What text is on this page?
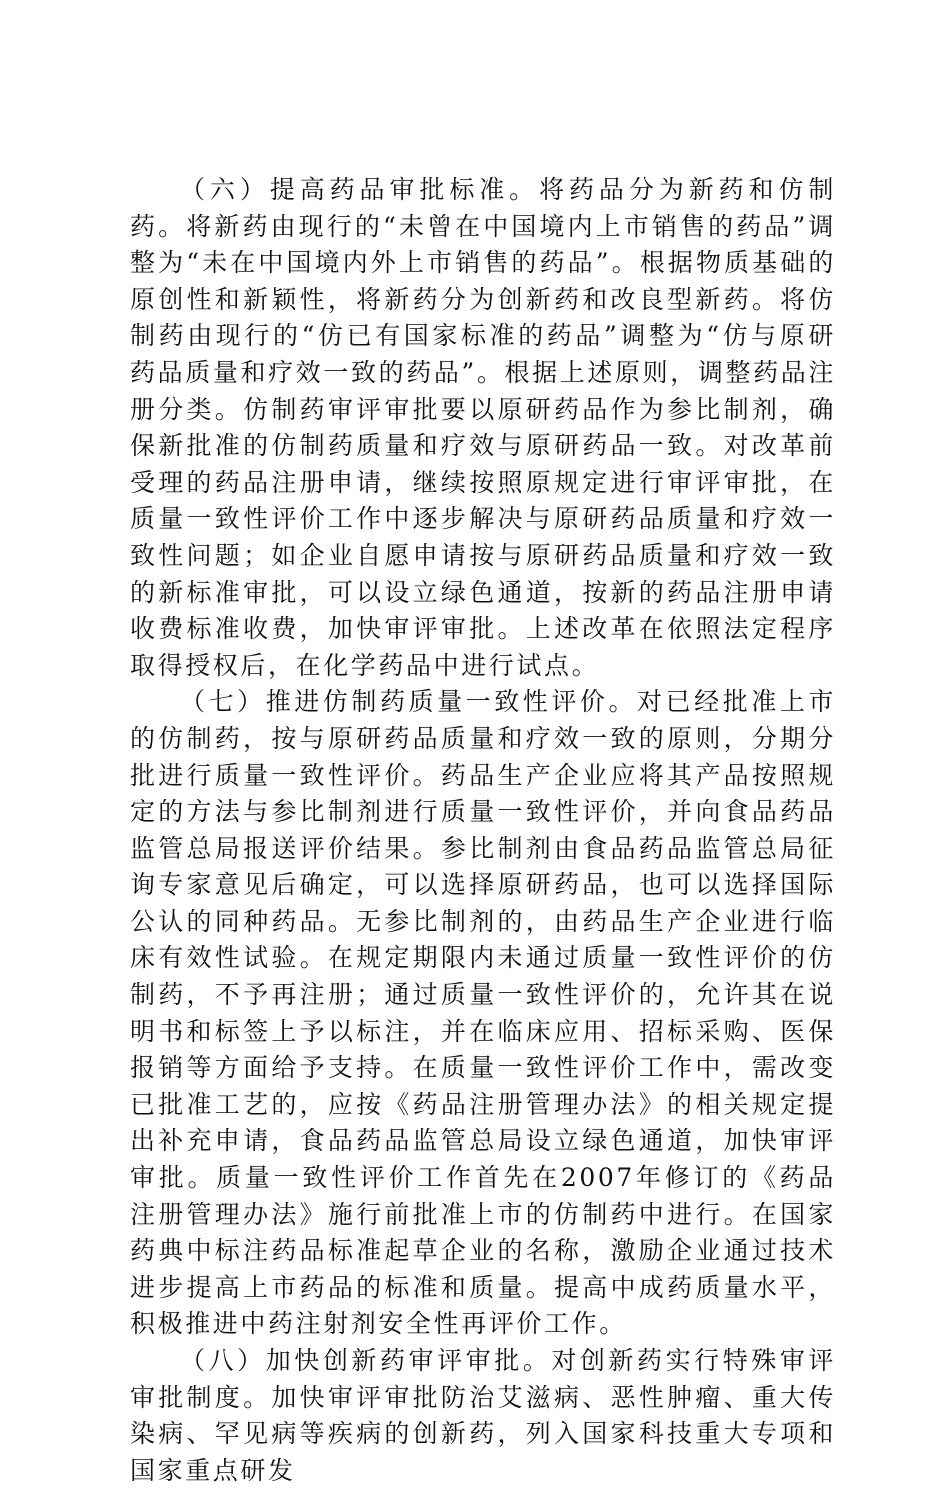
（六）提高药品审批标准。将药品分为新药和仿制药。将新药由现行的“未曾在中国境内上市销售的药品”调整为“未在中国境内外上市销售的药品”。根据物质基础的原创性和新颖性，将新药分为创新药和改良型新药。将仿制药由现行的“仿已有国家标准的药品”调整为“仿与原研药品质量和疗效一致的药品”。根据上述原则，调整药品注册分类。仿制药审评审批要以原研药品作为参比制剂，确保新批准的仿制药质量和疗效与原研药品一致。对改革前受理的药品注册申请，继续按照原规定进行审评审批，在质量一致性评价工作中逐步解决与原研药品质量和疗效一致性问题；如企业自愿申请按与原研药品质量和疗效一致的新标准审批，可以设立绿色通道，按新的药品注册申请收费标准收费，加快审评审批。上述改革在依照法定程序取得授权后，在化学药品中进行试点。

（七）推进仿制药质量一致性评价。对已经批准上市的仿制药，按与原研药品质量和疗效一致的原则，分期分批进行质量一致性评价。药品生产企业应将其产品按照规定的方法与参比制剂进行质量一致性评价，并向食品药品监管总局报送评价结果。参比制剂由食品药品监管总局征询专家意见后确定，可以选择原研药品，也可以选择国际公认的同种药品。无参比制剂的，由药品生产企业进行临床有效性试验。在规定期限内未通过质量一致性评价的仿制药，不予再注册；通过质量一致性评价的，允许其在说明书和标签上予以标注，并在临床应用、招标采购、医保报销等方面给予支持。在质量一致性评价工作中，需改变已批准工艺的，应按《药品注册管理办法》的相关规定提出补充申请，食品药品监管总局设立绿色通道，加快审评审批。质量一致性评价工作首先在2007年修订的《药品注册管理办法》施行前批准上市的仿制药中进行。在国家药典中标注药品标准起草企业的名称，激励企业通过技术进步提高上市药品的标准和质量。提高中成药质量水平，积极推进中药注射剂安全性再评价工作。

（八）加快创新药审评审批。对创新药实行特殊审评审批制度。加快审评审批防治艾滋病、恶性肿瘤、重大传染病、罕见病等疾病的创新药，列入国家科技重大专项和国家重点研发
